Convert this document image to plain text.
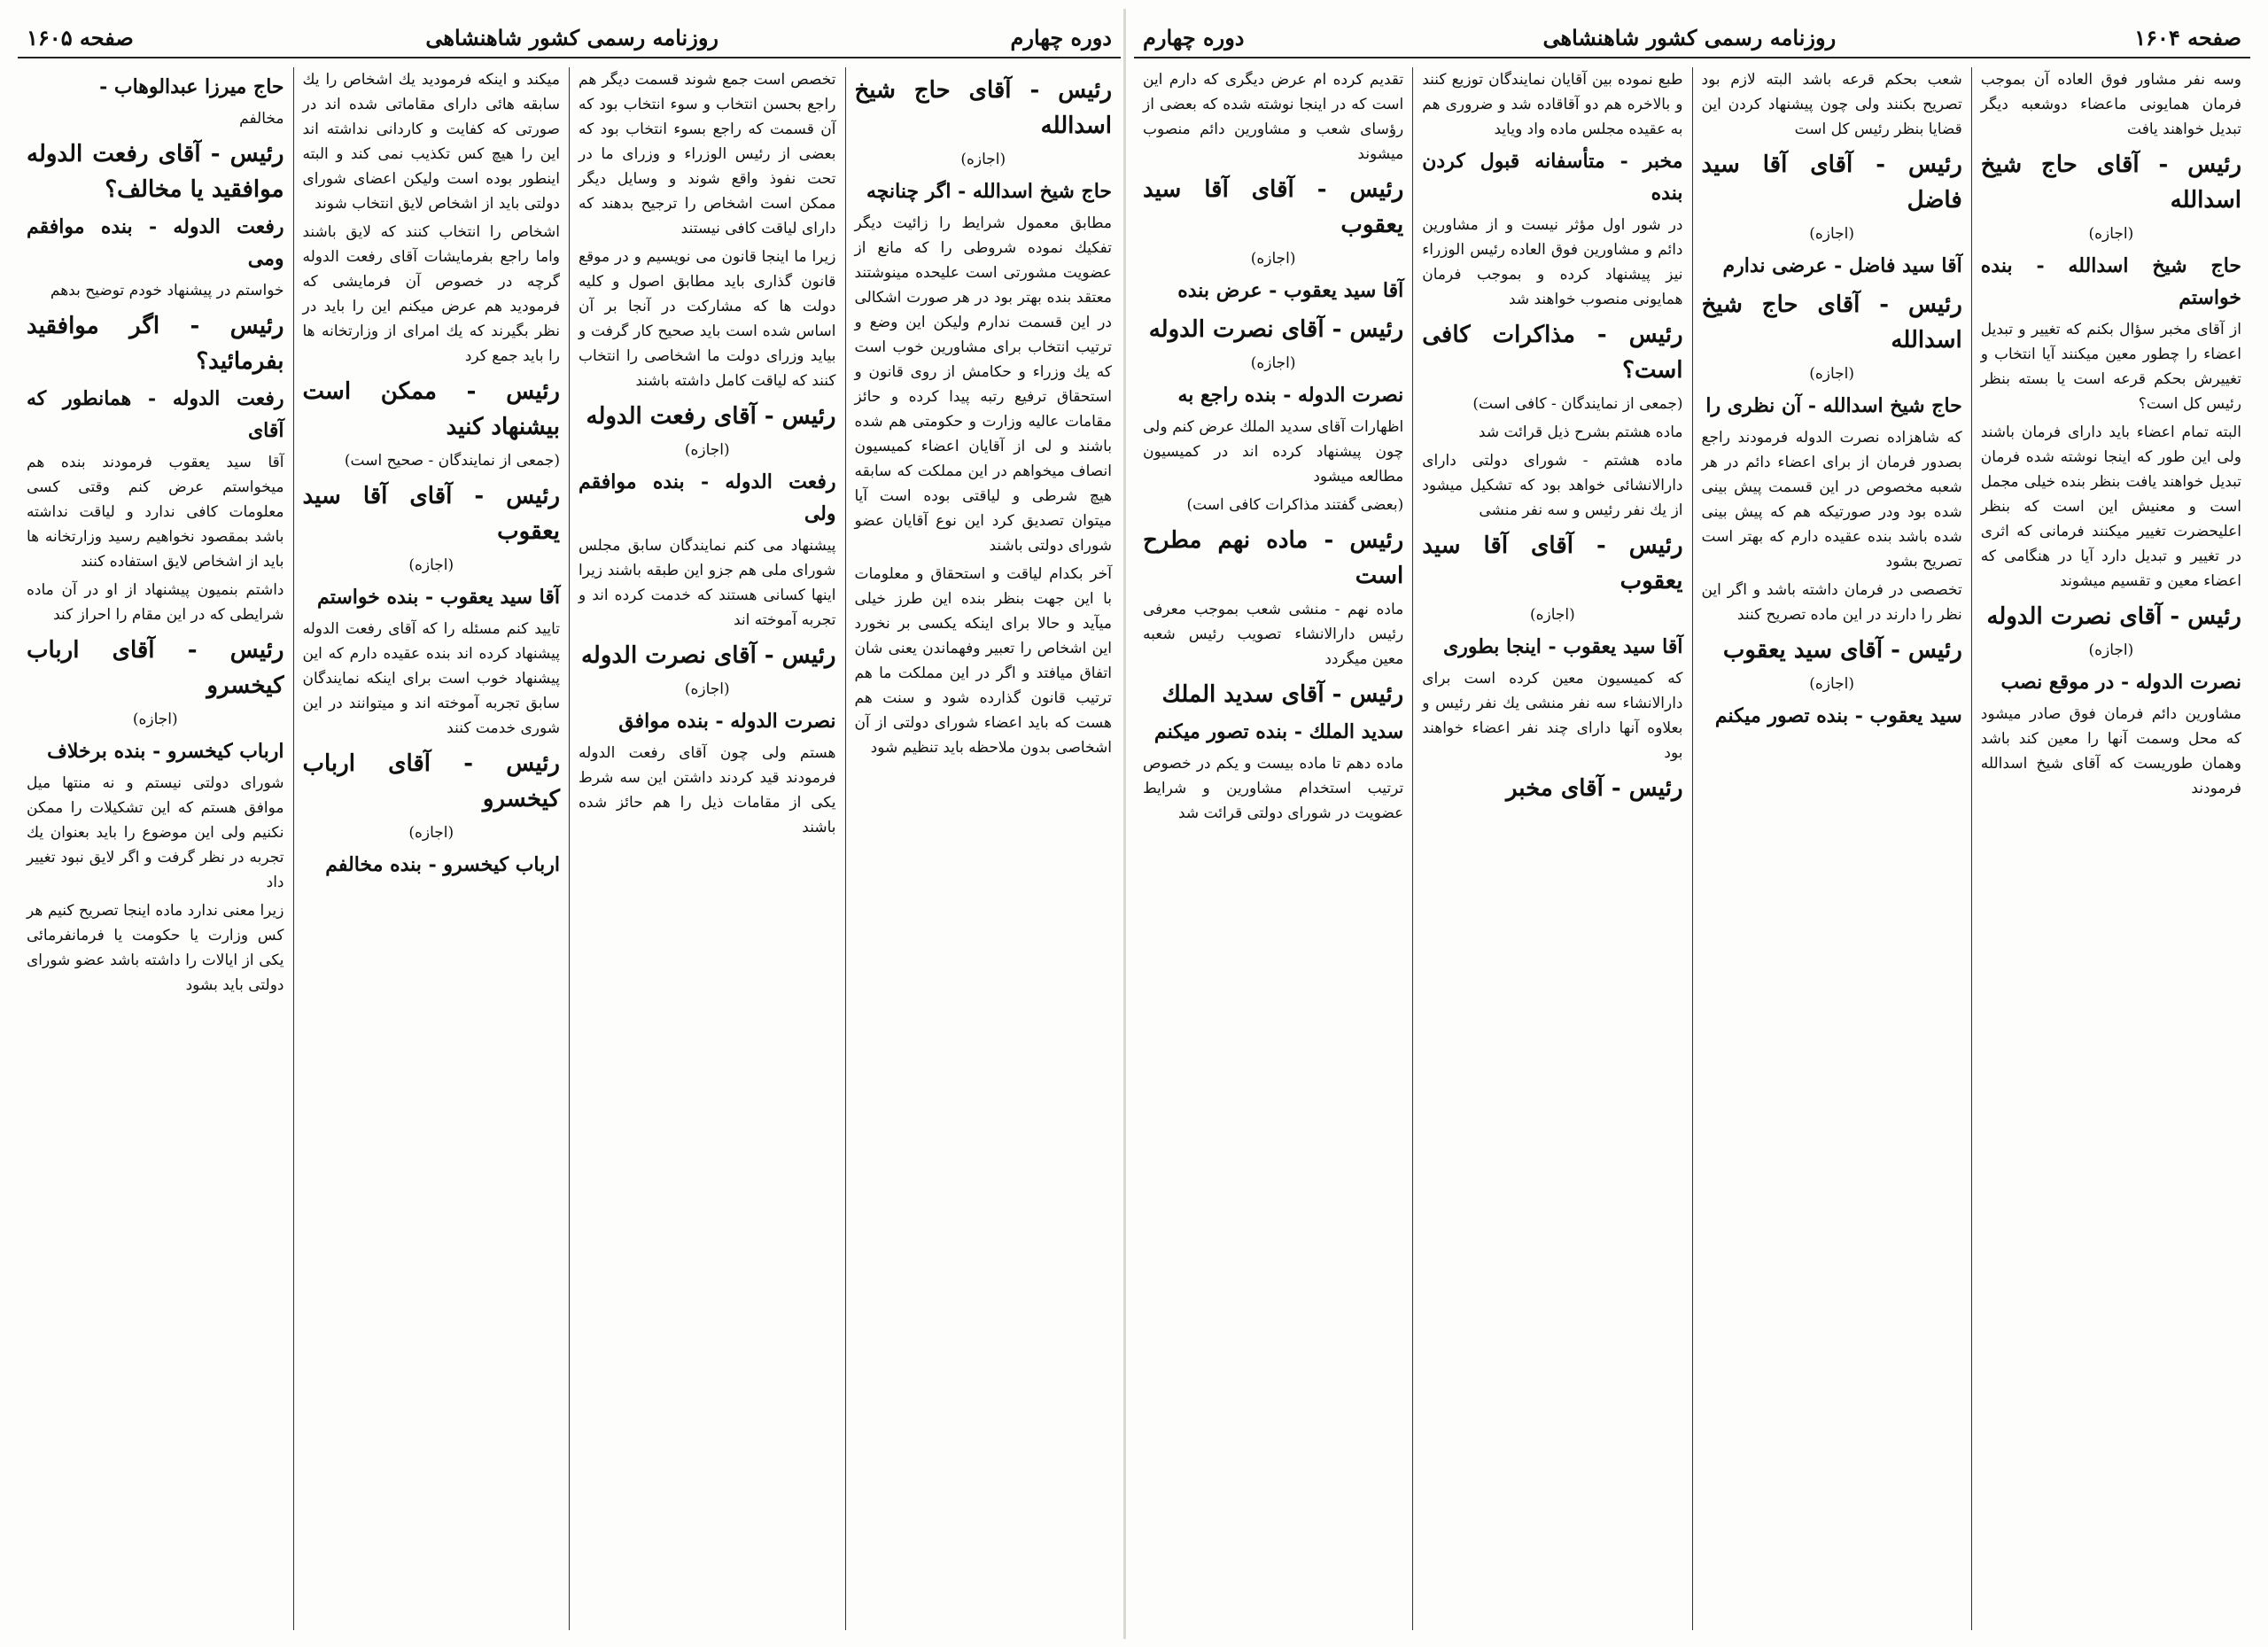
دوره چهارم
روزنامه رسمی کشور شاهنشاهی
صفحه ۱۶۰۵

رئیس - آقای حاج شیخ اسدالله

(اجازه)

حاج شیخ اسدالله - اگر چنانچه

مطابق معمول شرایط را زائیت دیگر تفکیك نموده شروطی را که مانع از عضویت مشورتی است علیحده مینوشتند معتقد بنده بهتر بود در هر صورت اشکالی در این قسمت ندارم ولیکن این وضع و ترتیب انتخاب برای مشاورین خوب است که یك وزراء و حکامش از روی قانون و استحقاق ترفیع رتبه پیدا کرده و حائز مقامات عالیه وزارت و حکومتی هم شده باشند و لی از آقایان اعضاء کمیسیون انصاف میخواهم در این مملکت که سابقه هیچ شرطی و لیاقتی بوده است آیا میتوان تصدیق کرد این نوع آقایان عضو شورای دولتی باشند

آخر بکدام لیاقت و استحقاق و معلومات با این جهت بنظر بنده این طرز خیلی میآید و حالا برای اینکه یکسی بر نخورد این اشخاص را تعبیر وفهماندن یعنی شان اتفاق میافتد و اگر در این مملکت ما هم ترتیب قانون گذارده شود و سنت هم هست که باید اعضاء شورای دولتی از آن اشخاصی بدون ملاحظه باید تنظیم شود

تخصص است جمع شوند قسمت دیگر هم راجع بحسن انتخاب و سوء انتخاب بود که آن قسمت که راجع بسوء انتخاب بود که بعضی از رئیس الوزراء و وزرای ما در تحت نفوذ واقع شوند و وسایل دیگر ممکن است اشخاص را ترجیح بدهند که دارای لیاقت کافی نیستند

زیرا ما اینجا قانون می نویسیم و در موقع قانون گذاری باید مطابق اصول و کلیه دولت ها که مشارکت در آنجا بر آن اساس شده است باید صحیح کار گرفت و بیاید وزرای دولت ما اشخاصی را انتخاب کنند که لیاقت کامل داشته باشند

رئیس - آقای رفعت الدوله

(اجازه)

رفعت الدوله - بنده موافقم ولی

پیشنهاد می کنم نمایندگان سابق مجلس شورای ملی هم جزو این طبقه باشند زیرا اینها کسانی هستند که خدمت کرده اند و تجربه آموخته اند

رئیس - آقای نصرت الدوله

(اجازه)

نصرت الدوله - بنده موافق

هستم ولی چون آقای رفعت الدوله فرمودند قید کردند داشتن این سه شرط یکی از مقامات ذیل را هم حائز شده باشند

میکند و اینکه فرمودید یك اشخاص را یك سابقه هائی دارای مقاماتی شده اند در صورتی که کفایت و کاردانی نداشته اند این را هیچ کس تکذیب نمی کند و البته اینطور بوده است ولیکن اعضای شورای دولتی باید از اشخاص لایق انتخاب شوند

اشخاص را انتخاب کنند که لایق باشند واما راجع بفرمایشات آقای رفعت الدوله گرچه در خصوص آن فرمایشی که فرمودید هم عرض میکنم این را باید در نظر بگیرند که یك امرای از وزارتخانه ها را باید جمع کرد

رئیس - ممکن است بیشنهاد کنید

(جمعی از نمایندگان - صحیح است)

رئیس - آقای آقا سید یعقوب

(اجازه)

آقا سید یعقوب - بنده خواستم

تایید کنم مسئله را که آقای رفعت الدوله پیشنهاد کرده اند بنده عقیده دارم که این پیشنهاد خوب است برای اینکه نمایندگان سابق تجربه آموخته اند و میتوانند در این شوری خدمت کنند

رئیس - آقای ارباب کیخسرو

(اجازه)

ارباب کیخسرو - بنده مخالفم

حاج میرزا عبدالوهاب -

مخالفم

رئیس - آقای رفعت الدوله موافقید یا مخالف؟

رفعت الدوله - بنده موافقم ومی

خواستم در پیشنهاد خودم توضیح بدهم

رئیس - اگر موافقید بفرمائید؟

رفعت الدوله - همانطور که آقای

آقا سید یعقوب فرمودند بنده هم میخواستم عرض کنم وقتی کسی معلومات کافی ندارد و لیاقت نداشته باشد بمقصود نخواهیم رسید وزارتخانه ها باید از اشخاص لایق استفاده کنند

داشتم بنمیون پیشنهاد از او در آن ماده شرایطی که در این مقام را احراز کند

رئیس - آقای ارباب کیخسرو

(اجازه)

ارباب کیخسرو - بنده برخلاف

شورای دولتی نیستم و نه منتها میل موافق هستم که این تشکیلات را ممکن نکنیم ولی این موضوع را باید بعنوان یك تجربه در نظر گرفت و اگر لایق نبود تغییر داد

زیرا معنی ندارد ماده اینجا تصریح کنیم هر کس وزارت یا حکومت یا فرمانفرمائی یکی از ایالات را داشته باشد عضو شورای دولتی باید بشود

صفحه ۱۶۰۴
روزنامه رسمی کشور شاهنشاهی
دوره چهارم

وسه نفر مشاور فوق العاده آن بموجب فرمان همایونی ماعضاء دوشعبه دیگر تبدیل خواهند یافت

رئیس - آقای حاج شیخ اسدالله

(اجازه)

حاج شیخ اسدالله - بنده خواستم

از آقای مخبر سؤال بکنم که تغییر و تبدیل اعضاء را چطور معین میکنند آیا انتخاب و تغییرش بحکم قرعه است یا بسته بنظر رئیس کل است؟

البته تمام اعضاء باید دارای فرمان باشند ولی این طور که اینجا نوشته شده فرمان تبدیل خواهند یافت بنظر بنده خیلی مجمل است و معنیش این است که بنظر اعلیحضرت تغییر میکنند فرمانی که اثری در تغییر و تبدیل دارد آیا در هنگامی که اعضاء معین و تقسیم میشوند

رئیس - آقای نصرت الدوله

(اجازه)

نصرت الدوله - در موقع نصب

مشاورین دائم فرمان فوق صادر میشود که محل وسمت آنها را معین کند باشد وهمان طوریست که آقای شیخ اسدالله فرمودند

شعب بحکم قرعه باشد البته لازم بود تصریح بکنند ولی چون پیشنهاد کردن این قضایا بنظر رئیس کل است

رئیس - آقای آقا سید فاضل

(اجازه)

آقا سید فاضل - عرضی ندارم

رئیس - آقای حاج شیخ اسدالله

(اجازه)

حاج شیخ اسدالله - آن نظری را

که شاهزاده نصرت الدوله فرمودند راجع بصدور فرمان از برای اعضاء دائم در هر شعبه مخصوص در این قسمت پیش بینی شده بود ودر صورتیکه هم که پیش بینی شده باشد بنده عقیده دارم که بهتر است تصریح بشود

تخصصی در فرمان داشته باشد و اگر این نظر را دارند در این ماده تصریح کنند

رئیس - آقای سید یعقوب

(اجازه)

سید یعقوب - بنده تصور میکنم

طبع نموده بین آقایان نمایندگان توزیع کنند و بالاخره هم دو آقاقاده شد و ضروری هم به عقیده مجلس ماده واد ویاید

مخبر - متأسفانه قبول کردن بنده

در شور اول مؤثر نیست و از مشاورین دائم و مشاورین فوق العاده رئیس الوزراء نیز پیشنهاد کرده و بموجب فرمان همایونی منصوب خواهند شد

رئیس - مذاکرات کافی است؟

(جمعی از نمایندگان - کافی است)

ماده هشتم بشرح ذیل قرائت شد

ماده هشتم - شورای دولتی دارای دارالانشائی خواهد بود که تشکیل میشود از یك نفر رئیس و سه نفر منشی

رئیس - آقای آقا سید یعقوب

(اجازه)

آقا سید یعقوب - اینجا بطوری

که کمیسیون معین کرده است برای دارالانشاء سه نفر منشی یك نفر رئیس و بعلاوه آنها دارای چند نفر اعضاء خواهند بود

رئیس - آقای مخبر

تقدیم کرده ام عرض دیگری که دارم این است که در اینجا نوشته شده که بعضی از رؤسای شعب و مشاورین دائم منصوب میشوند

رئیس - آقای آقا سید یعقوب

(اجازه)

آقا سید یعقوب - عرض بنده

رئیس - آقای نصرت الدوله

(اجازه)

نصرت الدوله - بنده راجع به

اظهارات آقای سدید الملك عرض کنم ولی چون پیشنهاد کرده اند در کمیسیون مطالعه میشود

(بعضی گفتند مذاکرات کافی است)

رئیس - ماده نهم مطرح است

ماده نهم - منشی شعب بموجب معرفی رئیس دارالانشاء تصویب رئیس شعبه معین میگردد

رئیس - آقای سدید الملك

سدید الملك - بنده تصور میکنم

ماده دهم تا ماده بیست و یکم در خصوص ترتیب استخدام مشاورین و شرایط عضویت در شورای دولتی قرائت شد
